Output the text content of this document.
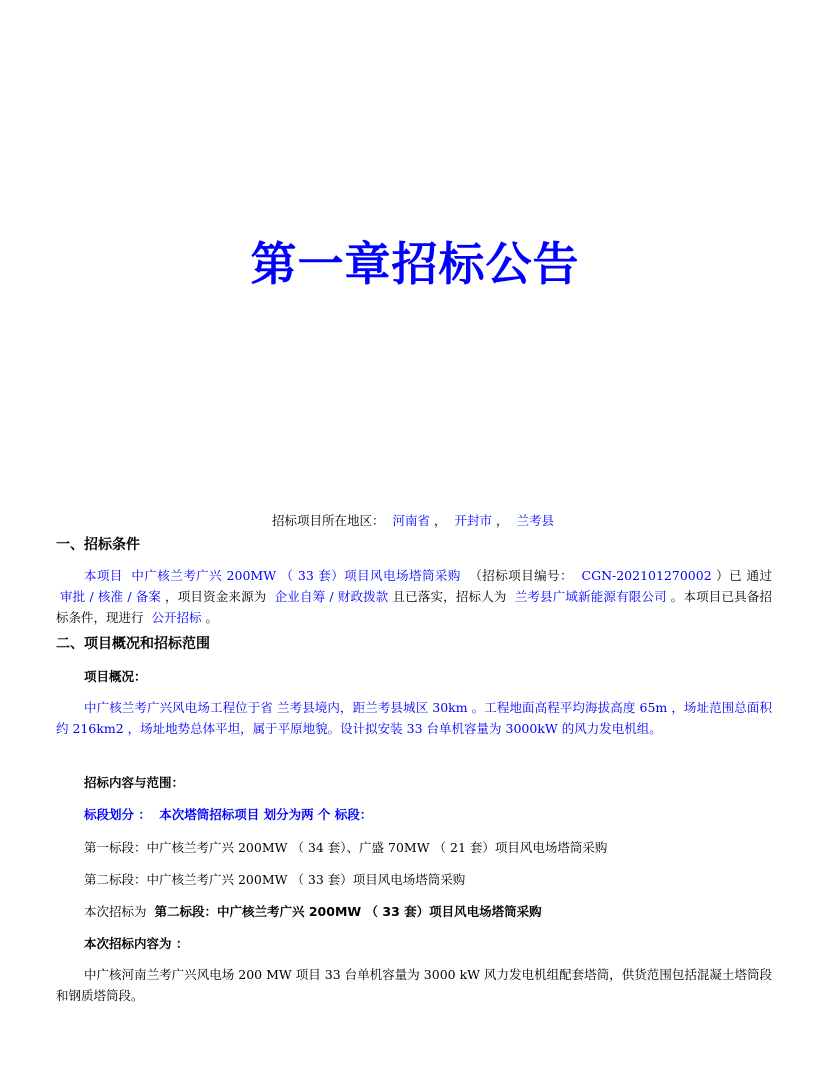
第一章招标公告
招标项目所在地区： 河南省 ， 开封市 ， 兰考县
一、招标条件

本项目 中广核兰考广兴 200MW （ 33 套）项目风电场塔筒采购 （招标项目编号： CGN-202101270002 ）已 通过 审批 / 核准 / 备案 ，项目资金来源为 企业自筹 / 财政拨款 且已落实，招标人为 兰考县广域新能源有限公司 。本项目已具备招标条件，现进行 公开招标 。

二、项目概况和招标范围
项目概况：

中广核兰考广兴风电场工程位于省 兰考县境内，距兰考县城区 30km 。工程地面高程平均海拔高度 65m ，场址范围总面积约 216km2 ，场址地势总体平坦，属于平原地貌。设计拟安装 33 台单机容量为 3000kW 的风力发电机组。

招标内容与范围：
标段划分 ： 本次塔筒招标项目 划分为两 个 标段：
第一标段：中广核兰考广兴 200MW （ 34 套）、广盛 70MW （ 21 套）项目风电场塔筒采购
第二标段：中广核兰考广兴 200MW （ 33 套）项目风电场塔筒采购
本次招标为 第二标段：中广核兰考广兴 200MW （ 33 套）项目风电场塔筒采购
本次招标内容为 ：

中广核河南兰考广兴风电场 200 MW 项目 33 台单机容量为 3000 kW 风力发电机组配套塔筒，供货范围包括混凝土塔筒段和钢质塔筒段。
